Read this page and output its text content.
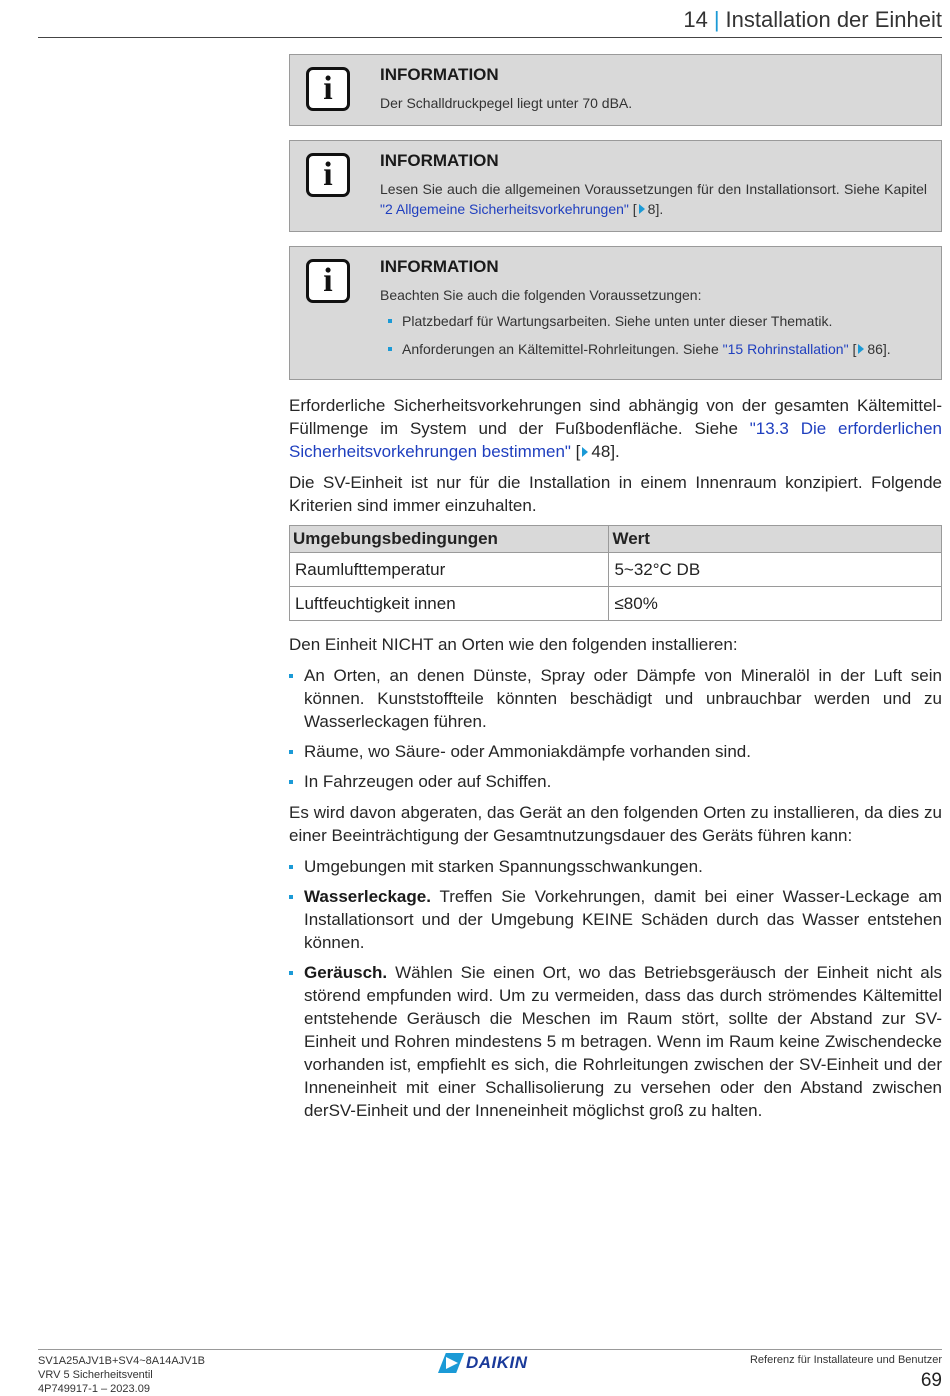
14 | Installation der Einheit
i	INFORMATION
Der Schalldruckpegel liegt unter 70 dBA.
i	INFORMATION
Lesen Sie auch die allgemeinen Voraussetzungen für den Installationsort. Siehe Kapitel "2 Allgemeine Sicherheitsvorkehrungen" [ 8].
i	INFORMATION
Beachten Sie auch die folgenden Voraussetzungen:
Platzbedarf für Wartungsarbeiten. Siehe unten unter dieser Thematik.
Anforderungen an Kältemittel-Rohrleitungen. Siehe "15 Rohrinstallation" [ 86].

Erforderliche Sicherheitsvorkehrungen sind abhängig von der gesamten Kältemittel-Füllmenge im System und der Fußbodenfläche. Siehe "13.3 Die erforderlichen Sicherheitsvorkehrungen bestimmen" [ 48].

Die SV-Einheit ist nur für die Installation in einem Innenraum konzipiert. Folgende Kriterien sind immer einzuhalten.

Umgebungsbedingungen	Wert
Raumlufttemperatur	5~32°C DB
Luftfeuchtigkeit innen	≤80%

Den Einheit NICHT an Orten wie den folgenden installieren:

An Orten, an denen Dünste, Spray oder Dämpfe von Mineralöl in der Luft sein können. Kunststoffteile könnten beschädigt und unbrauchbar werden und zu Wasserleckagen führen.
Räume, wo Säure- oder Ammoniakdämpfe vorhanden sind.
In Fahrzeugen oder auf Schiffen.

Es wird davon abgeraten, das Gerät an den folgenden Orten zu installieren, da dies zu einer Beeinträchtigung der Gesamtnutzungsdauer des Geräts führen kann:

Umgebungen mit starken Spannungsschwankungen.
Wasserleckage. Treffen Sie Vorkehrungen, damit bei einer Wasser-Leckage am Installationsort und der Umgebung KEINE Schäden durch das Wasser entstehen können.
Geräusch. Wählen Sie einen Ort, wo das Betriebsgeräusch der Einheit nicht als störend empfunden wird. Um zu vermeiden, dass das durch strömendes Kältemittel entstehende Geräusch die Meschen im Raum stört, sollte der Abstand zur SV-Einheit und Rohren mindestens 5 m betragen. Wenn im Raum keine Zwischendecke vorhanden ist, empfiehlt es sich, die Rohrleitungen zwischen der SV-Einheit und der Inneneinheit mit einer Schallisolierung zu versehen oder den Abstand zwischen derSV-Einheit und der Inneneinheit möglichst groß zu halten.
SV1A25AJV1B+SV4~8A14AJV1B
VRV 5 Sicherheitsventil
4P749917-1 – 2023.09
DAIKIN	Referenz für Installateure und Benutzer
69
